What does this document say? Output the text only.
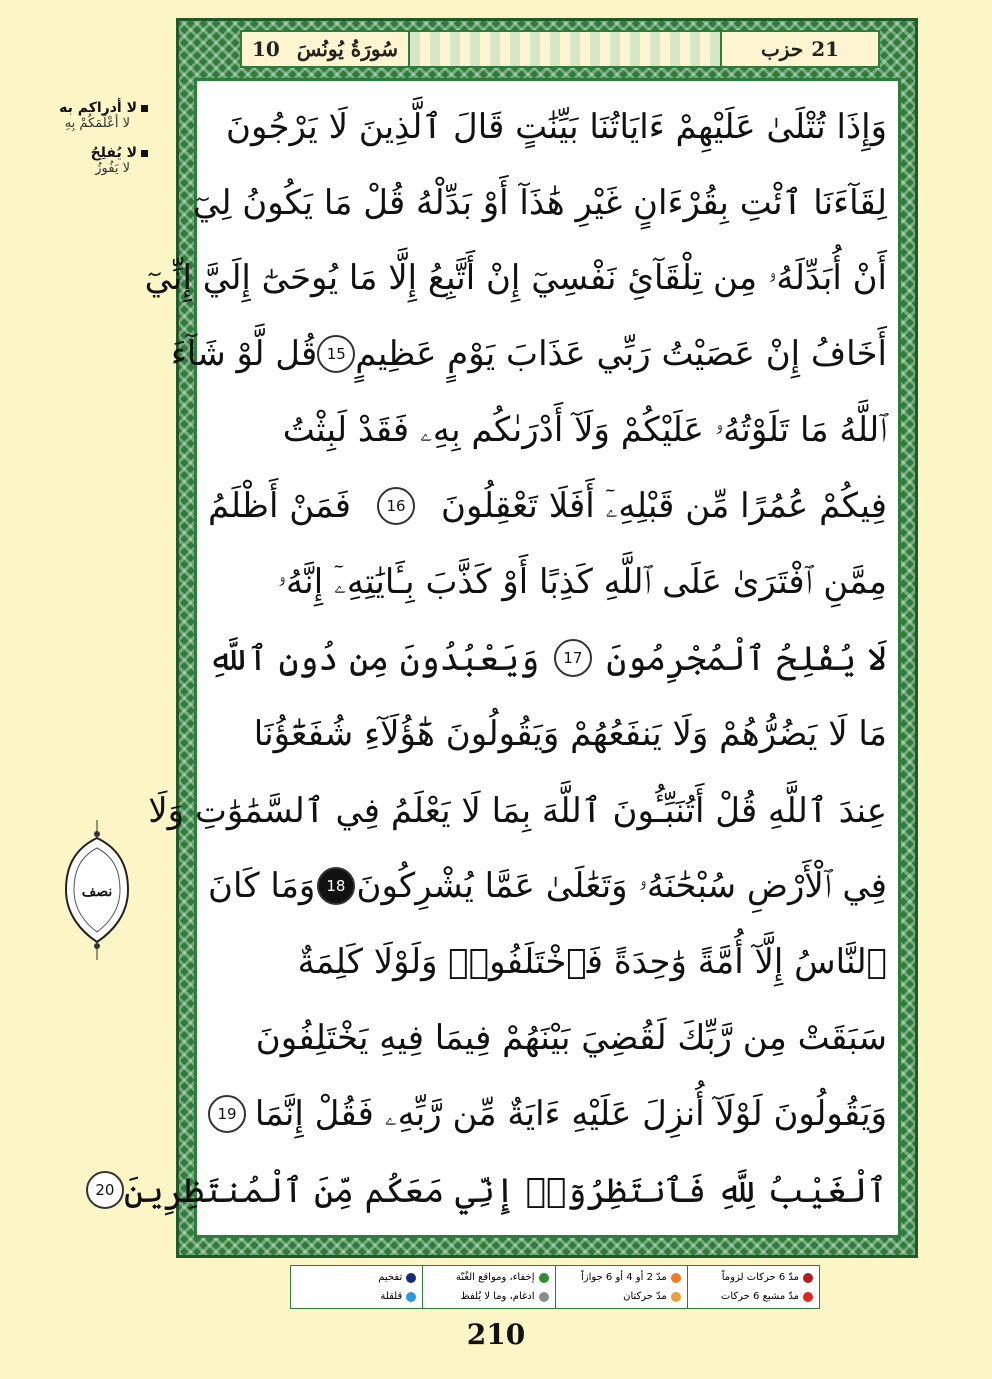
10 سُورَةُ يُونُسَ	حزب 21
وَإِذَا تُتْلَىٰ عَلَيْهِمْ ءَايَاتُنَا بَيِّنَٰتٍ قَالَ ٱلَّذِينَ لَا يَرْجُونَ
لِقَآءَنَا ٱئْتِ بِقُرْءَانٍ غَيْرِ هَٰذَآ أَوْ بَدِّلْهُ قُلْ مَا يَكُونُ لِيٓ
أَنْ أُبَدِّلَهُۥ مِن تِلْقَآئِ نَفْسِيٓ إِنْ أَتَّبِعُ إِلَّا مَا يُوحَىٰٓ إِلَيَّ إِنِّيٓ
أَخَافُ إِنْ عَصَيْتُ رَبِّي عَذَابَ يَوْمٍ عَظِيمٍ
15
قُل لَّوْ شَآءَ
ٱللَّهُ مَا تَلَوْتُهُۥ عَلَيْكُمْ وَلَآ أَدْرَىٰكُم بِهِۦ فَقَدْ لَبِثْتُ
فِيكُمْ عُمُرًا مِّن قَبْلِهِۦٓ أَفَلَا تَعْقِلُونَ
16
فَمَنْ أَظْلَمُ
مِمَّنِ ٱفْتَرَىٰ عَلَى ٱللَّهِ كَذِبًا أَوْ كَذَّبَ بِـَٔايَٰتِهِۦٓ إِنَّهُۥ
لَا يُفْلِحُ ٱلْمُجْرِمُونَ
17
وَيَعْبُدُونَ مِن دُونِ ٱللَّهِ
مَا لَا يَضُرُّهُمْ وَلَا يَنفَعُهُمْ وَيَقُولُونَ هَٰٓؤُلَآءِ شُفَعَٰٓؤُنَا
عِندَ ٱللَّهِ قُلْ أَتُنَبِّـُٔونَ ٱللَّهَ بِمَا لَا يَعْلَمُ فِي ٱلسَّمَٰوَٰتِ وَلَا
فِي ٱلْأَرْضِ سُبْحَٰنَهُۥ وَتَعَٰلَىٰ عَمَّا يُشْرِكُونَ
18
وَمَا كَانَ
ٱلنَّاسُ إِلَّآ أُمَّةً وَٰحِدَةً فَٱخْتَلَفُوا۟ وَلَوْلَا كَلِمَةٌ
سَبَقَتْ مِن رَّبِّكَ لَقُضِيَ بَيْنَهُمْ فِيمَا فِيهِ يَخْتَلِفُونَ
وَيَقُولُونَ لَوْلَآ أُنزِلَ عَلَيْهِ ءَايَةٌ مِّن رَّبِّهِۦ فَقُلْ إِنَّمَا
19
ٱلْغَيْبُ لِلَّهِ فَٱنتَظِرُوٓا۟ إِنِّي مَعَكُم مِّنَ ٱلْمُنتَظِرِينَ
20
لا أدراكم به
لا أعْلَمَكُمْ بِهِ
لا يُفلِحُ
لا يَفُوزُ
نصف
مدّ 6 حركات لزوماً
مدّ مشبع 6 حركات
مدّ 2 أو 4 أو 6 جوازاً
مدّ حركتان
إخفاء، ومواقع الغُنّة
ادغام، وما لا يُلفظ
تفخيم
قلقلة
210
